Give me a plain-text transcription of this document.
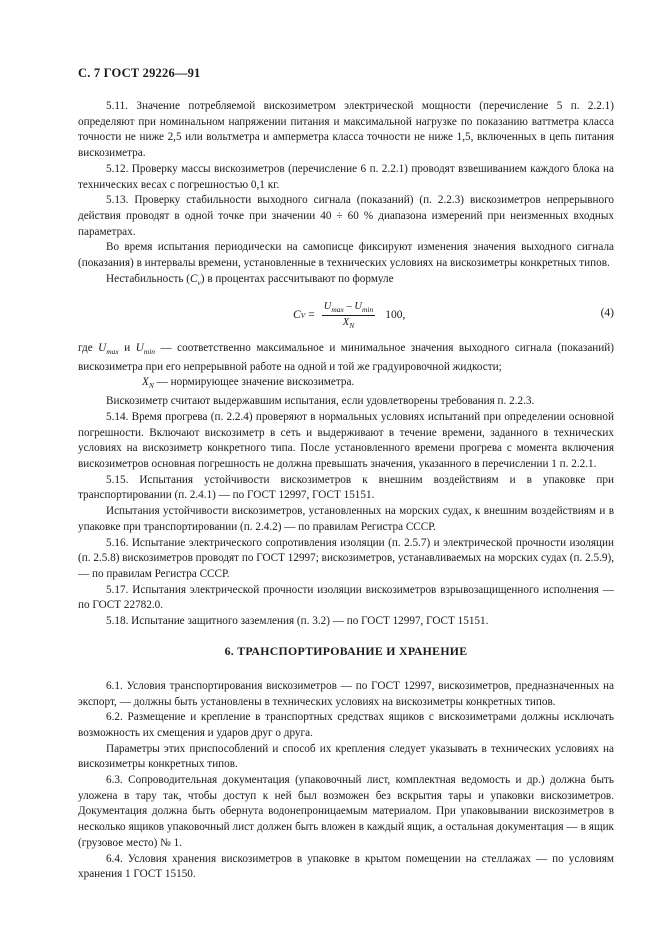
С. 7 ГОСТ 29226—91

5.11. Значение потребляемой вискозиметром электрической мощности (перечисление 5 п. 2.2.1) определяют при номинальном напряжении питания и максимальной нагрузке по показанию ваттметра класса точности не ниже 2,5 или вольтметра и амперметра класса точности не ниже 1,5, включенных в цепь питания вискозиметра.

5.12. Проверку массы вискозиметров (перечисление 6 п. 2.2.1) проводят взвешиванием каждого блока на технических весах с погрешностью 0,1 кг.

5.13. Проверку стабильности выходного сигнала (показаний) (п. 2.2.3) вискозиметров непрерывного действия проводят в одной точке при значении 40 ÷ 60 % диапазона измерений при неизменных входных параметрах.

Во время испытания периодически на самописце фиксируют изменения значения выходного сигнала (показания) в интервалы времени, установленные в технических условиях на вискозиметры конкретных типов.

Нестабильность $(C_v)$ в процентах рассчитывают по формуле

C $V = \frac{U_{max} - U_{min}}{X_N} 100$,	(4)
где $U_{max}$ и $U_{min}$ — соответственно максимальное и минимальное значения выходного сигнала (показаний) вискозиметра при его непрерывной работе на одной и той же градуировочной жидкости;
$X_N$ — нормирующее значение вискозиметра.

Вискозиметр считают выдержавшим испытания, если удовлетворены требования п. 2.2.3.

5.14. Время прогрева (п. 2.2.4) проверяют в нормальных условиях испытаний при определении основной погрешности. Включают вискозиметр в сеть и выдерживают в течение времени, заданного в технических условиях на вискозиметр конкретного типа. После установленного времени прогрева с момента включения вискозиметров основная погрешность не должна превышать значения, указанного в перечислении 1 п. 2.2.1.

5.15. Испытания устойчивости вискозиметров к внешним воздействиям и в упаковке при транспортировании (п. 2.4.1) — по ГОСТ 12997, ГОСТ 15151.

Испытания устойчивости вискозиметров, установленных на морских судах, к внешним воздействиям и в упаковке при транспортировании (п. 2.4.2) — по правилам Регистра СССР.

5.16. Испытание электрического сопротивления изоляции (п. 2.5.7) и электрической прочности изоляции (п. 2.5.8) вискозиметров проводят по ГОСТ 12997; вискозиметров, устанавливаемых на морских судах (п. 2.5.9), — по правилам Регистра СССР.

5.17. Испытания электрической прочности изоляции вискозиметров взрывозащищенного исполнения — по ГОСТ 22782.0.

5.18. Испытание защитного заземления (п. 3.2) — по ГОСТ 12997, ГОСТ 15151.

6. ТРАНСПОРТИРОВАНИЕ И ХРАНЕНИЕ

6.1. Условия транспортирования вискозиметров — по ГОСТ 12997, вискозиметров, предназначенных на экспорт, — должны быть установлены в технических условиях на вискозиметры конкретных типов.

6.2. Размещение и крепление в транспортных средствах ящиков с вискозиметрами должны исключать возможность их смещения и ударов друг о друга.

Параметры этих приспособлений и способ их крепления следует указывать в технических условиях на вискозиметры конкретных типов.

6.3. Сопроводительная документация (упаковочный лист, комплектная ведомость и др.) должна быть уложена в тару так, чтобы доступ к ней был возможен без вскрытия тары и упаковки вискозиметров. Документация должна быть обернута водонепроницаемым материалом. При упаковывании вискозиметров в несколько ящиков упаковочный лист должен быть вложен в каждый ящик, а остальная документация — в ящик (грузовое место) № 1.

6.4. Условия хранения вискозиметров в упаковке в крытом помещении на стеллажах — по условиям хранения 1 ГОСТ 15150.
